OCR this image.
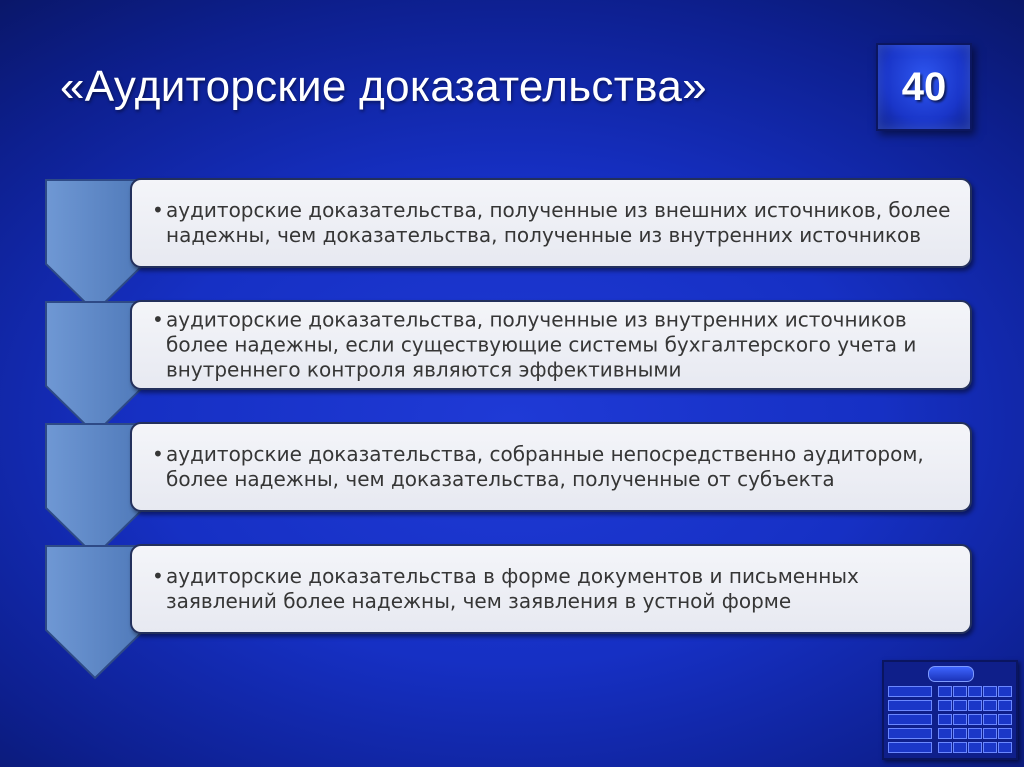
«Аудиторские доказательства»	40
• аудиторские доказательства, полученные из внешних источников, более надежны, чем доказательства, полученные из внутренних источников
• аудиторские доказательства, полученные из внутренних источников более надежны, если существующие системы бухгалтерского учета и внутреннего контроля являются эффективными
• аудиторские доказательства, собранные непосредственно аудитором, более надежны, чем доказательства, полученные от субъекта
• аудиторские доказательства в форме документов и письменных заявлений более надежны, чем заявления в устной форме
